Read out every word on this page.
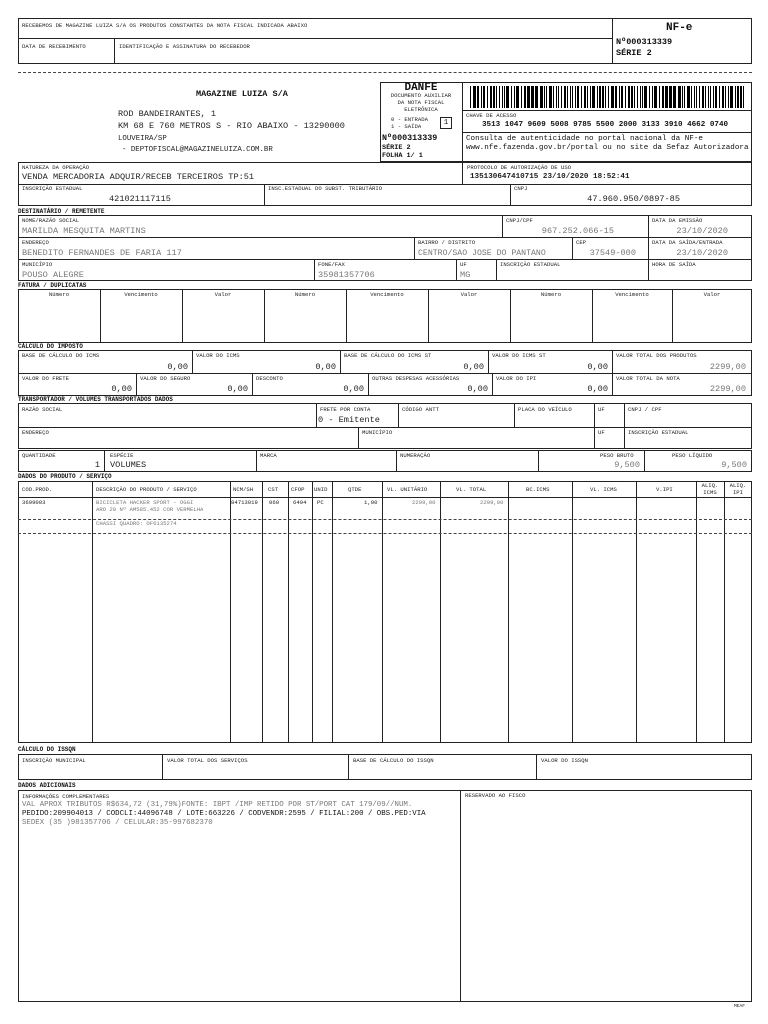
RECEBEMOS DE MAGAZINE LUIZA S/A OS PRODUTOS CONSTANTES DA NOTA FISCAL INDICADA ABAIXO
DATA DE RECEBIMENTO	IDENTIFICAÇÃO E ASSINATURA DO RECEBEDOR
NF-e
Nº000313339
SÉRIE 2
MAGAZINE LUIZA S/A
ROD BANDEIRANTES, 1
KM 68 E 760 METROS S - RIO ABAIXO - 13290000
LOUVEIRA/SP
- DEPTOFISCAL@MAGAZINELUIZA.COM.BR
DANFE
DOCUMENTO AUXILIAR
DA NOTA FISCAL
ELETRÔNICA
0 - ENTRADA
1 - SAÍDA	1
Nº000313339
SÉRIE 2
FOLHA 1/ 1
CHAVE DE ACESSO
3513 1047 9609 5008 9785 5500 2000 3133 3910 4662 0740
Consulta de autenticidade no portal nacional da NF-e www.nfe.fazenda.gov.br/portal ou no site da Sefaz Autorizadora
NATUREZA DA OPERAÇÃO
VENDA MERCADORIA ADQUIR/RECEB TERCEIROS TP:51
PROTOCOLO DE AUTORIZAÇÃO DE USO
135130647410715 23/10/2020 18:52:41
INSCRIÇÃO ESTADUAL
421021117115
INSC.ESTADUAL DO SUBST. TRIBUTÁRIO	CNPJ
47.960.950/0897-85
DESTINATÁRIO / REMETENTE
NOME/RAZÃO SOCIAL
MARILDA MESQUITA MARTINS
CNPJ/CPF
967.252.066-15
DATA DA EMISSÃO
23/10/2020
ENDEREÇO
BENEDITO FERNANDES DE FARIA 117
BAIRRO / DISTRITO
CENTRO/SAO JOSE DO PANTANO
CEP
37549-000
DATA DA SAÍDA/ENTRADA
23/10/2020
MUNICÍPIO
POUSO ALEGRE
FONE/FAX
35981357706
UF
MG
INSCRIÇÃO ESTADUAL	HORA DE SAÍDA
FATURA / DUPLICATAS
Número	Vencimento	Valor	Número	Vencimento	Valor	Número	Vencimento	Valor
CÁLCULO DO IMPOSTO
BASE DE CÁLCULO DO ICMS
0,00
VALOR DO ICMS
0,00
BASE DE CÁLCULO DO ICMS ST
0,00
VALOR DO ICMS ST
0,00
VALOR TOTAL DOS PRODUTOS
2299,00
VALOR DO FRETE
0,00
VALOR DO SEGURO
0,00
DESCONTO
0,00
OUTRAS DESPESAS ACESSÓRIAS
0,00
VALOR DO IPI
0,00
VALOR TOTAL DA NOTA
2299,00
TRANSPORTADOR / VOLUMES TRANSPORTADOS DADOS
RAZÃO SOCIAL	FRETE POR CONTA
0 - Emitente
CÓDIGO ANTT	PLACA DO VEÍCULO	UF	CNPJ / CPF
ENDEREÇO	MUNICÍPIO	UF	INSCRIÇÃO ESTADUAL
QUANTIDADE
1
ESPÉCIE
VOLUMES
MARCA	NUMERAÇÃO	PESO BRUTO
9,500
PESO LÍQUIDO
9,500
DADOS DO PRODUTO / SERVIÇO
COD.PROD.	DESCRIÇÃO DO PRODUTO / SERVIÇO	NCM/SH	CST CFOP UNID	QTDE	VL. UNITÁRIO	VL. TOTAL	BC.ICMS	VL. ICMS	V.IPI
ALIQ.
ICMS
ALIQ.
IPI
3699003	BICICLETA HACKER SPORT - OGGI
ARO 29 Nº AM585.452 COR VERMELHA
CHASSI QUADRO: OF6135274
84713019 060 6404 PC	1,00	2299,00	2299,00
CÁLCULO DO ISSQN
INSCRIÇÃO MUNICIPAL	VALOR TOTAL DOS SERVIÇOS	BASE DE CÁLCULO DO ISSQN	VALOR DO ISSQN
DADOS ADICIONAIS
INFORMAÇÕES COMPLEMENTARES
VAL APROX TRIBUTOS R$634,72 (31,79%)FONTE: IBPT /IMP RETIDO POR ST/PORT CAT 179/09//NUM.
PEDIDO:209904013 / CODCLI:44096748 / LOTE:663226 / CODVENDR:2595 / FILIAL:200 / OBS.PED:VIA
SEDEX (35 )981357706 / CELULAR:35-997682370
RESERVADO AO FISCO
MEAF
